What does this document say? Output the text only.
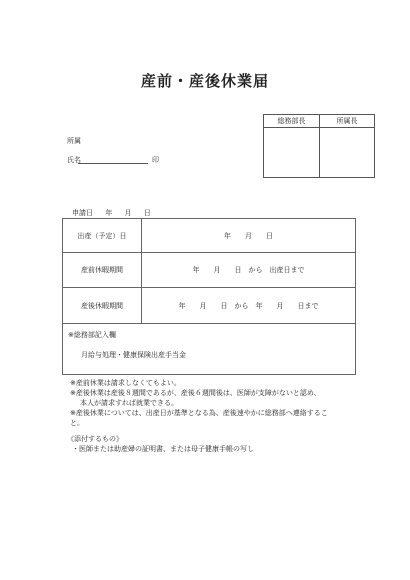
産前・産後休業届
総務部長	所属長
所属
氏名	印
申請日 年 月 日
出産（予定）日	年　　月　　日
産前休暇期間	年　　月　　日　から　出産日まで
産後休暇期間	年　　月　　日　から　年　　月　　日まで
※総務部記入欄
月給与処理・健康保険出産手当金
※産前休業は請求しなくてもよい。
※産後休業は産後８週間であるが、産後６週間後は、医師が支障がないと認め、
本人が請求すれば就業できる。
※産後休業については、出産日が基準となる為、産後速やかに総務部へ連絡すること。
《添付するもの》
・医師または助産婦の証明書、または母子健康手帳の写し
